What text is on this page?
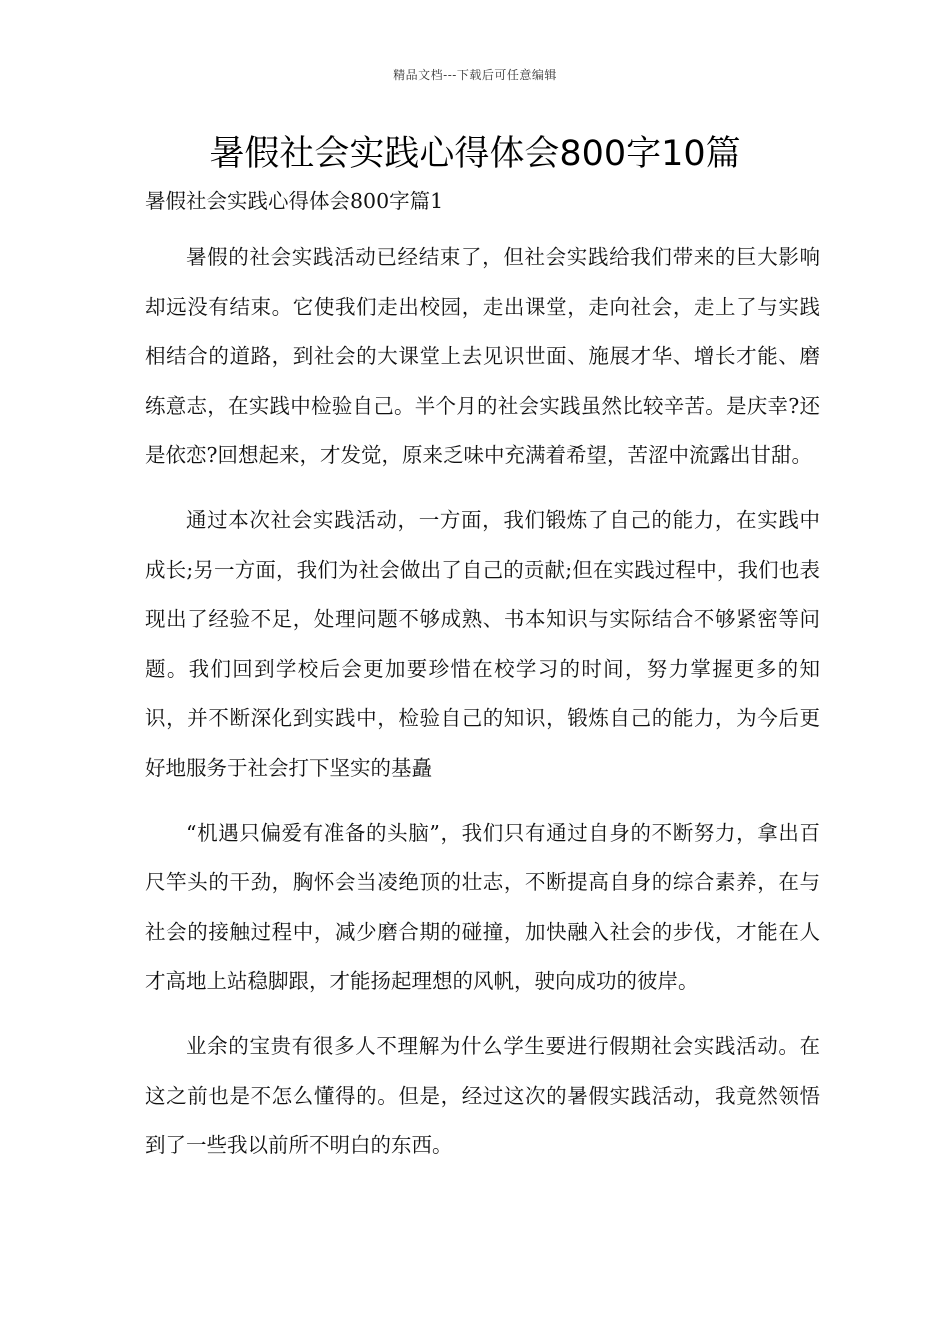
精品文档---下载后可任意编辑
暑假社会实践心得体会800字10篇
暑假社会实践心得体会800字篇1

暑假的社会实践活动已经结束了，但社会实践给我们带来的巨大影响却远没有结束。它使我们走出校园，走出课堂，走向社会，走上了与实践相结合的道路，到社会的大课堂上去见识世面、施展才华、增长才能、磨练意志，在实践中检验自己。半个月的社会实践虽然比较辛苦。是庆幸?还是依恋?回想起来，才发觉，原来乏味中充满着希望，苦涩中流露出甘甜。

通过本次社会实践活动，一方面，我们锻炼了自己的能力，在实践中成长;另一方面，我们为社会做出了自己的贡献;但在实践过程中，我们也表现出了经验不足，处理问题不够成熟、书本知识与实际结合不够紧密等问题。我们回到学校后会更加要珍惜在校学习的时间，努力掌握更多的知识，并不断深化到实践中，检验自己的知识，锻炼自己的能力，为今后更好地服务于社会打下坚实的基矗

“机遇只偏爱有准备的头脑”，我们只有通过自身的不断努力，拿出百尺竿头的干劲，胸怀会当凌绝顶的壮志，不断提高自身的综合素养，在与社会的接触过程中，减少磨合期的碰撞，加快融入社会的步伐，才能在人才高地上站稳脚跟，才能扬起理想的风帆，驶向成功的彼岸。

业余的宝贵有很多人不理解为什么学生要进行假期社会实践活动。在这之前也是不怎么懂得的。但是，经过这次的暑假实践活动，我竟然领悟到了一些我以前所不明白的东西。
